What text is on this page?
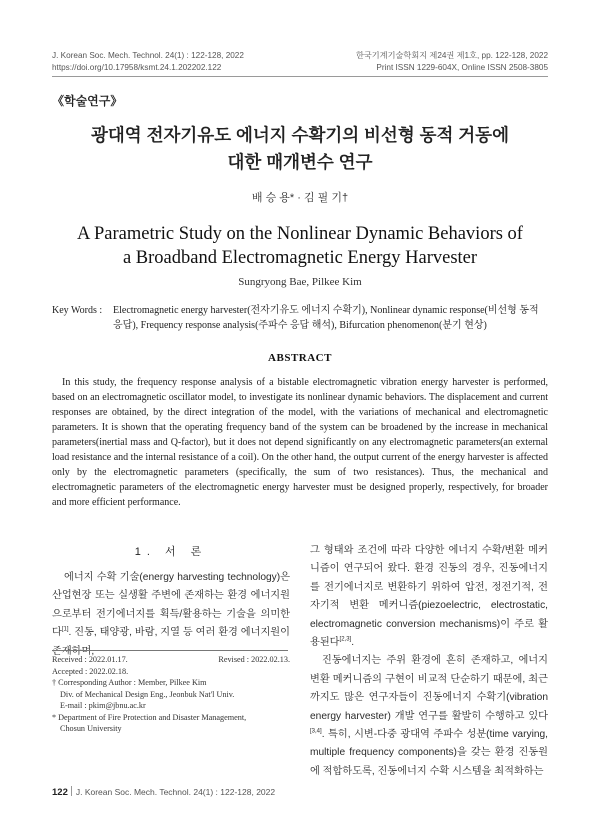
J. Korean Soc. Mech. Technol. 24(1) : 122-128, 2022
https://doi.org/10.17958/ksmt.24.1.202202.122
한국기계기술학회지 제24권 제1호, pp. 122-128, 2022
Print ISSN 1229-604X, Online ISSN 2508-3805
《학술연구》
광대역 전자기유도 에너지 수확기의 비선형 동적 거동에
대한 매개변수 연구
배 승 용* · 김 필 기†
A Parametric Study on the Nonlinear Dynamic Behaviors of
a Broadband Electromagnetic Energy Harvester
Sungryong Bae, Pilkee Kim
Key Words :	Electromagnetic energy harvester(전자기유도 에너지 수확기), Nonlinear dynamic response(비선형 동적 응답), Frequency response analysis(주파수 응답 해석), Bifurcation phenomenon(분기 현상)
ABSTRACT
In this study, the frequency response analysis of a bistable electromagnetic vibration energy harvester is performed, based on an electromagnetic oscillator model, to investigate its nonlinear dynamic behaviors. The displacement and current responses are obtained, by the direct integration of the model, with the variations of mechanical and electromagnetic parameters. It is shown that the operating frequency band of the system can be broadened by the increase in mechanical parameters(inertial mass and Q-factor), but it does not depend significantly on any electromagnetic parameters(an external load resistance and the internal resistance of a coil). On the other hand, the output current of the energy harvester is affected only by the electromagnetic parameters (specifically, the sum of two resistances). Thus, the mechanical and electromagnetic parameters of the electromagnetic energy harvester must be designed properly, respectively, for broader and more efficient performance.
1. 서 론
에너지 수확 기술(energy harvesting technology)은 산업현장 또는 실생활 주변에 존재하는 환경 에너지원으로부터 전기에너지를 획득/활용하는 기술을 의미한다[1]. 진동, 태양광, 바람, 지열 등 여러 환경 에너지원이 존재하며,

그 형태와 조건에 따라 다양한 에너지 수확/변환 메커니즘이 연구되어 왔다. 환경 진동의 경우, 진동에너지를 전기에너지로 변환하기 위하여 압전, 정전기적, 전자기적 변환 메커니즘(piezoelectric, electrostatic, electromagnetic conversion mechanisms)이 주로 활용된다[2,3].

진동에너지는 주위 환경에 흔히 존재하고, 에너지 변환 메커니즘의 구현이 비교적 단순하기 때문에, 최근까지도 많은 연구자들이 진동에너지 수확기(vibration energy harvester) 개발 연구를 활발히 수행하고 있다[3,4]. 특히, 시변-다중 광대역 주파수 성분(time varying, multiple frequency components)을 갖는 환경 진동원에 적합하도록, 진동에너지 수확 시스템을 최적화하는

Received : 2022.01.17.	Revised : 2022.02.13.
Accepted : 2022.02.18.
† Corresponding Author : Member, Pilkee Kim
Div. of Mechanical Design Eng., Jeonbuk Nat'l Univ.
E-mail : pkim@jbnu.ac.kr
* Department of Fire Protection and Disaster Management,
Chosun University
122 J. Korean Soc. Mech. Technol. 24(1) : 122-128, 2022
